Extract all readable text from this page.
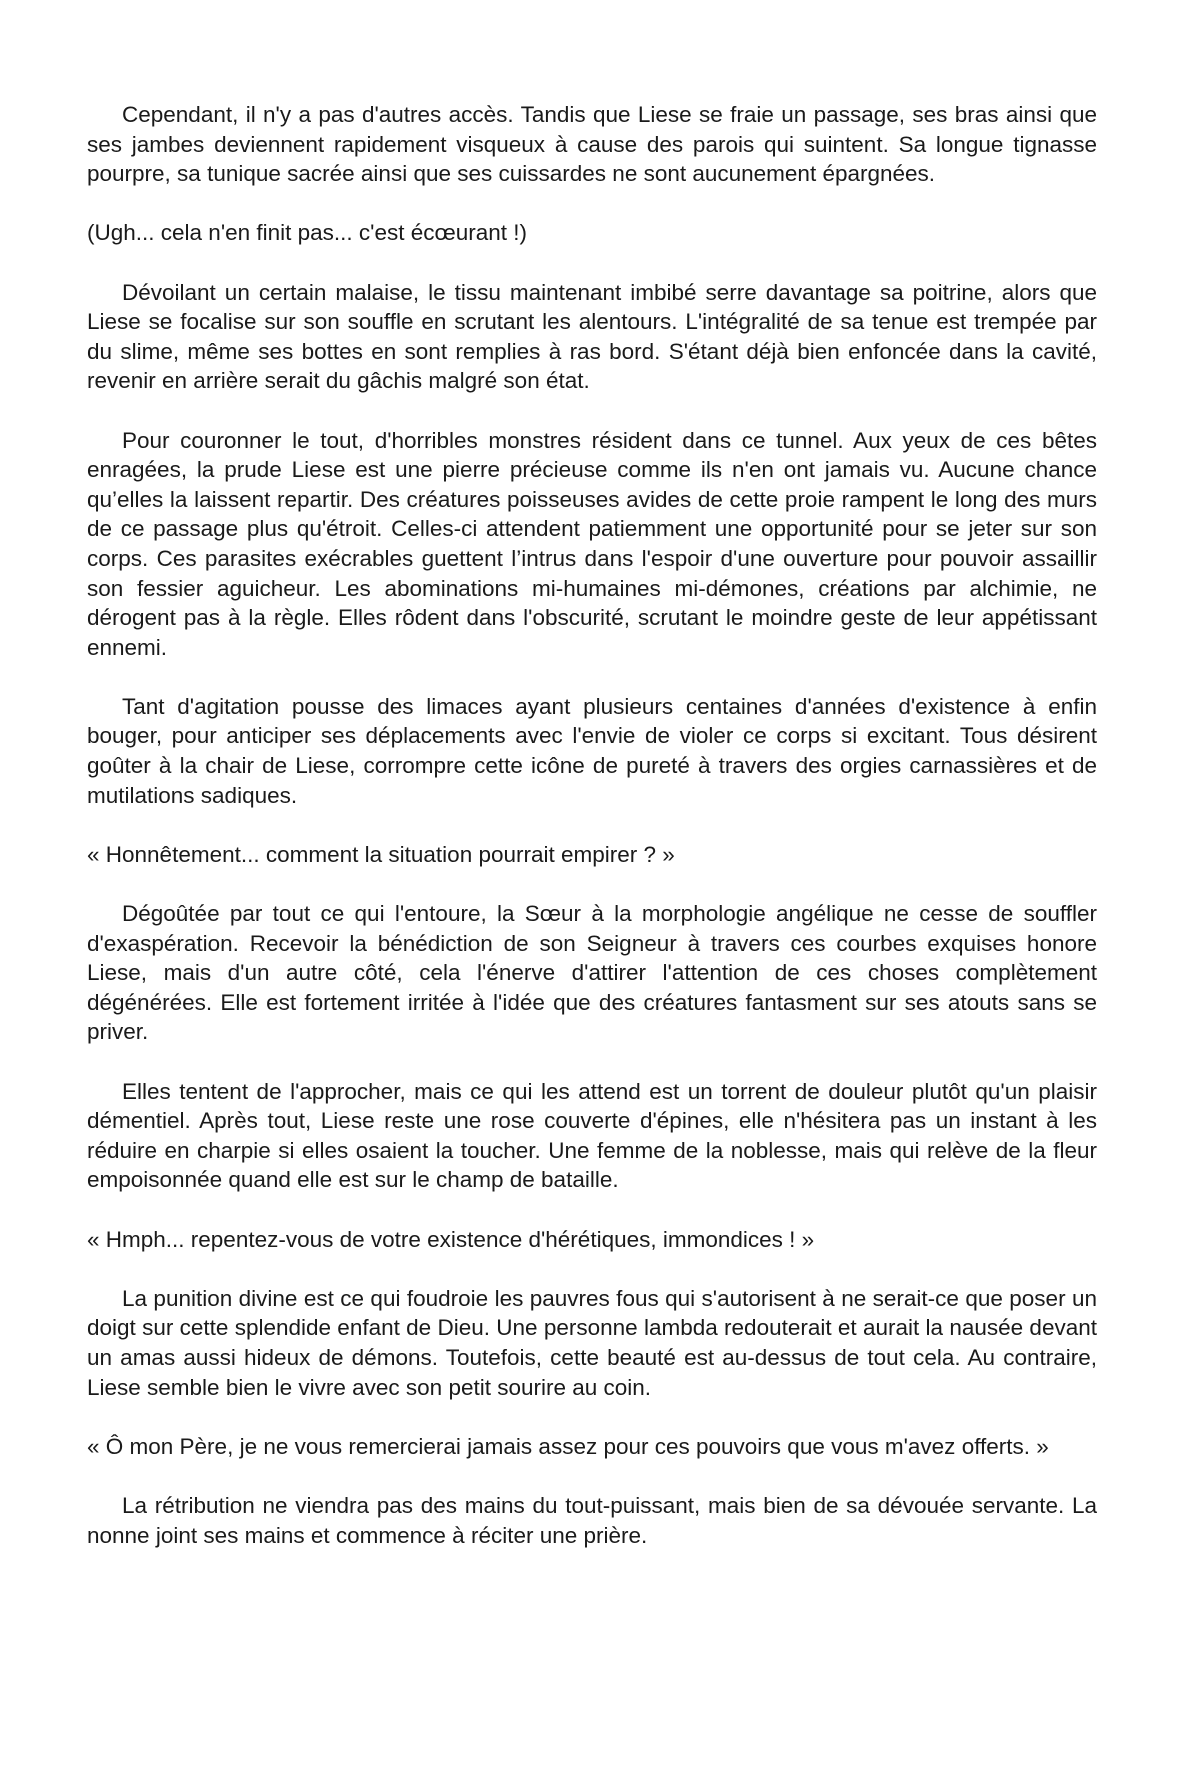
Cependant, il n'y a pas d'autres accès. Tandis que Liese se fraie un passage, ses bras ainsi que ses jambes deviennent rapidement visqueux à cause des parois qui suintent. Sa longue tignasse pourpre, sa tunique sacrée ainsi que ses cuissardes ne sont aucunement épargnées.

(Ugh... cela n'en finit pas... c'est écœurant !)

Dévoilant un certain malaise, le tissu maintenant imbibé serre davantage sa poitrine, alors que Liese se focalise sur son souffle en scrutant les alentours. L'intégralité de sa tenue est trempée par du slime, même ses bottes en sont remplies à ras bord. S'étant déjà bien enfoncée dans la cavité, revenir en arrière serait du gâchis malgré son état.

Pour couronner le tout, d'horribles monstres résident dans ce tunnel. Aux yeux de ces bêtes enragées, la prude Liese est une pierre précieuse comme ils n'en ont jamais vu. Aucune chance qu’elles la laissent repartir. Des créatures poisseuses avides de cette proie rampent le long des murs de ce passage plus qu'étroit. Celles-ci attendent patiemment une opportunité pour se jeter sur son corps. Ces parasites exécrables guettent l’intrus dans l'espoir d'une ouverture pour pouvoir assaillir son fessier aguicheur. Les abominations mi-humaines mi-démones, créations par alchimie, ne dérogent pas à la règle. Elles rôdent dans l'obscurité, scrutant le moindre geste de leur appétissant ennemi.

Tant d'agitation pousse des limaces ayant plusieurs centaines d'années d'existence à enfin bouger, pour anticiper ses déplacements avec l'envie de violer ce corps si excitant. Tous désirent goûter à la chair de Liese, corrompre cette icône de pureté à travers des orgies carnassières et de mutilations sadiques.

« Honnêtement... comment la situation pourrait empirer ? »

Dégoûtée par tout ce qui l'entoure, la Sœur à la morphologie angélique ne cesse de souffler d'exaspération. Recevoir la bénédiction de son Seigneur à travers ces courbes exquises honore Liese, mais d'un autre côté, cela l'énerve d'attirer l'attention de ces choses complètement dégénérées. Elle est fortement irritée à l'idée que des créatures fantasment sur ses atouts sans se priver.

Elles tentent de l'approcher, mais ce qui les attend est un torrent de douleur plutôt qu'un plaisir démentiel. Après tout, Liese reste une rose couverte d'épines, elle n'hésitera pas un instant à les réduire en charpie si elles osaient la toucher. Une femme de la noblesse, mais qui relève de la fleur empoisonnée quand elle est sur le champ de bataille.

« Hmph... repentez-vous de votre existence d'hérétiques, immondices ! »

La punition divine est ce qui foudroie les pauvres fous qui s'autorisent à ne serait-ce que poser un doigt sur cette splendide enfant de Dieu. Une personne lambda redouterait et aurait la nausée devant un amas aussi hideux de démons. Toutefois, cette beauté est au-dessus de tout cela. Au contraire, Liese semble bien le vivre avec son petit sourire au coin.

« Ô mon Père, je ne vous remercierai jamais assez pour ces pouvoirs que vous m'avez offerts. »

La rétribution ne viendra pas des mains du tout-puissant, mais bien de sa dévouée servante. La nonne joint ses mains et commence à réciter une prière.
